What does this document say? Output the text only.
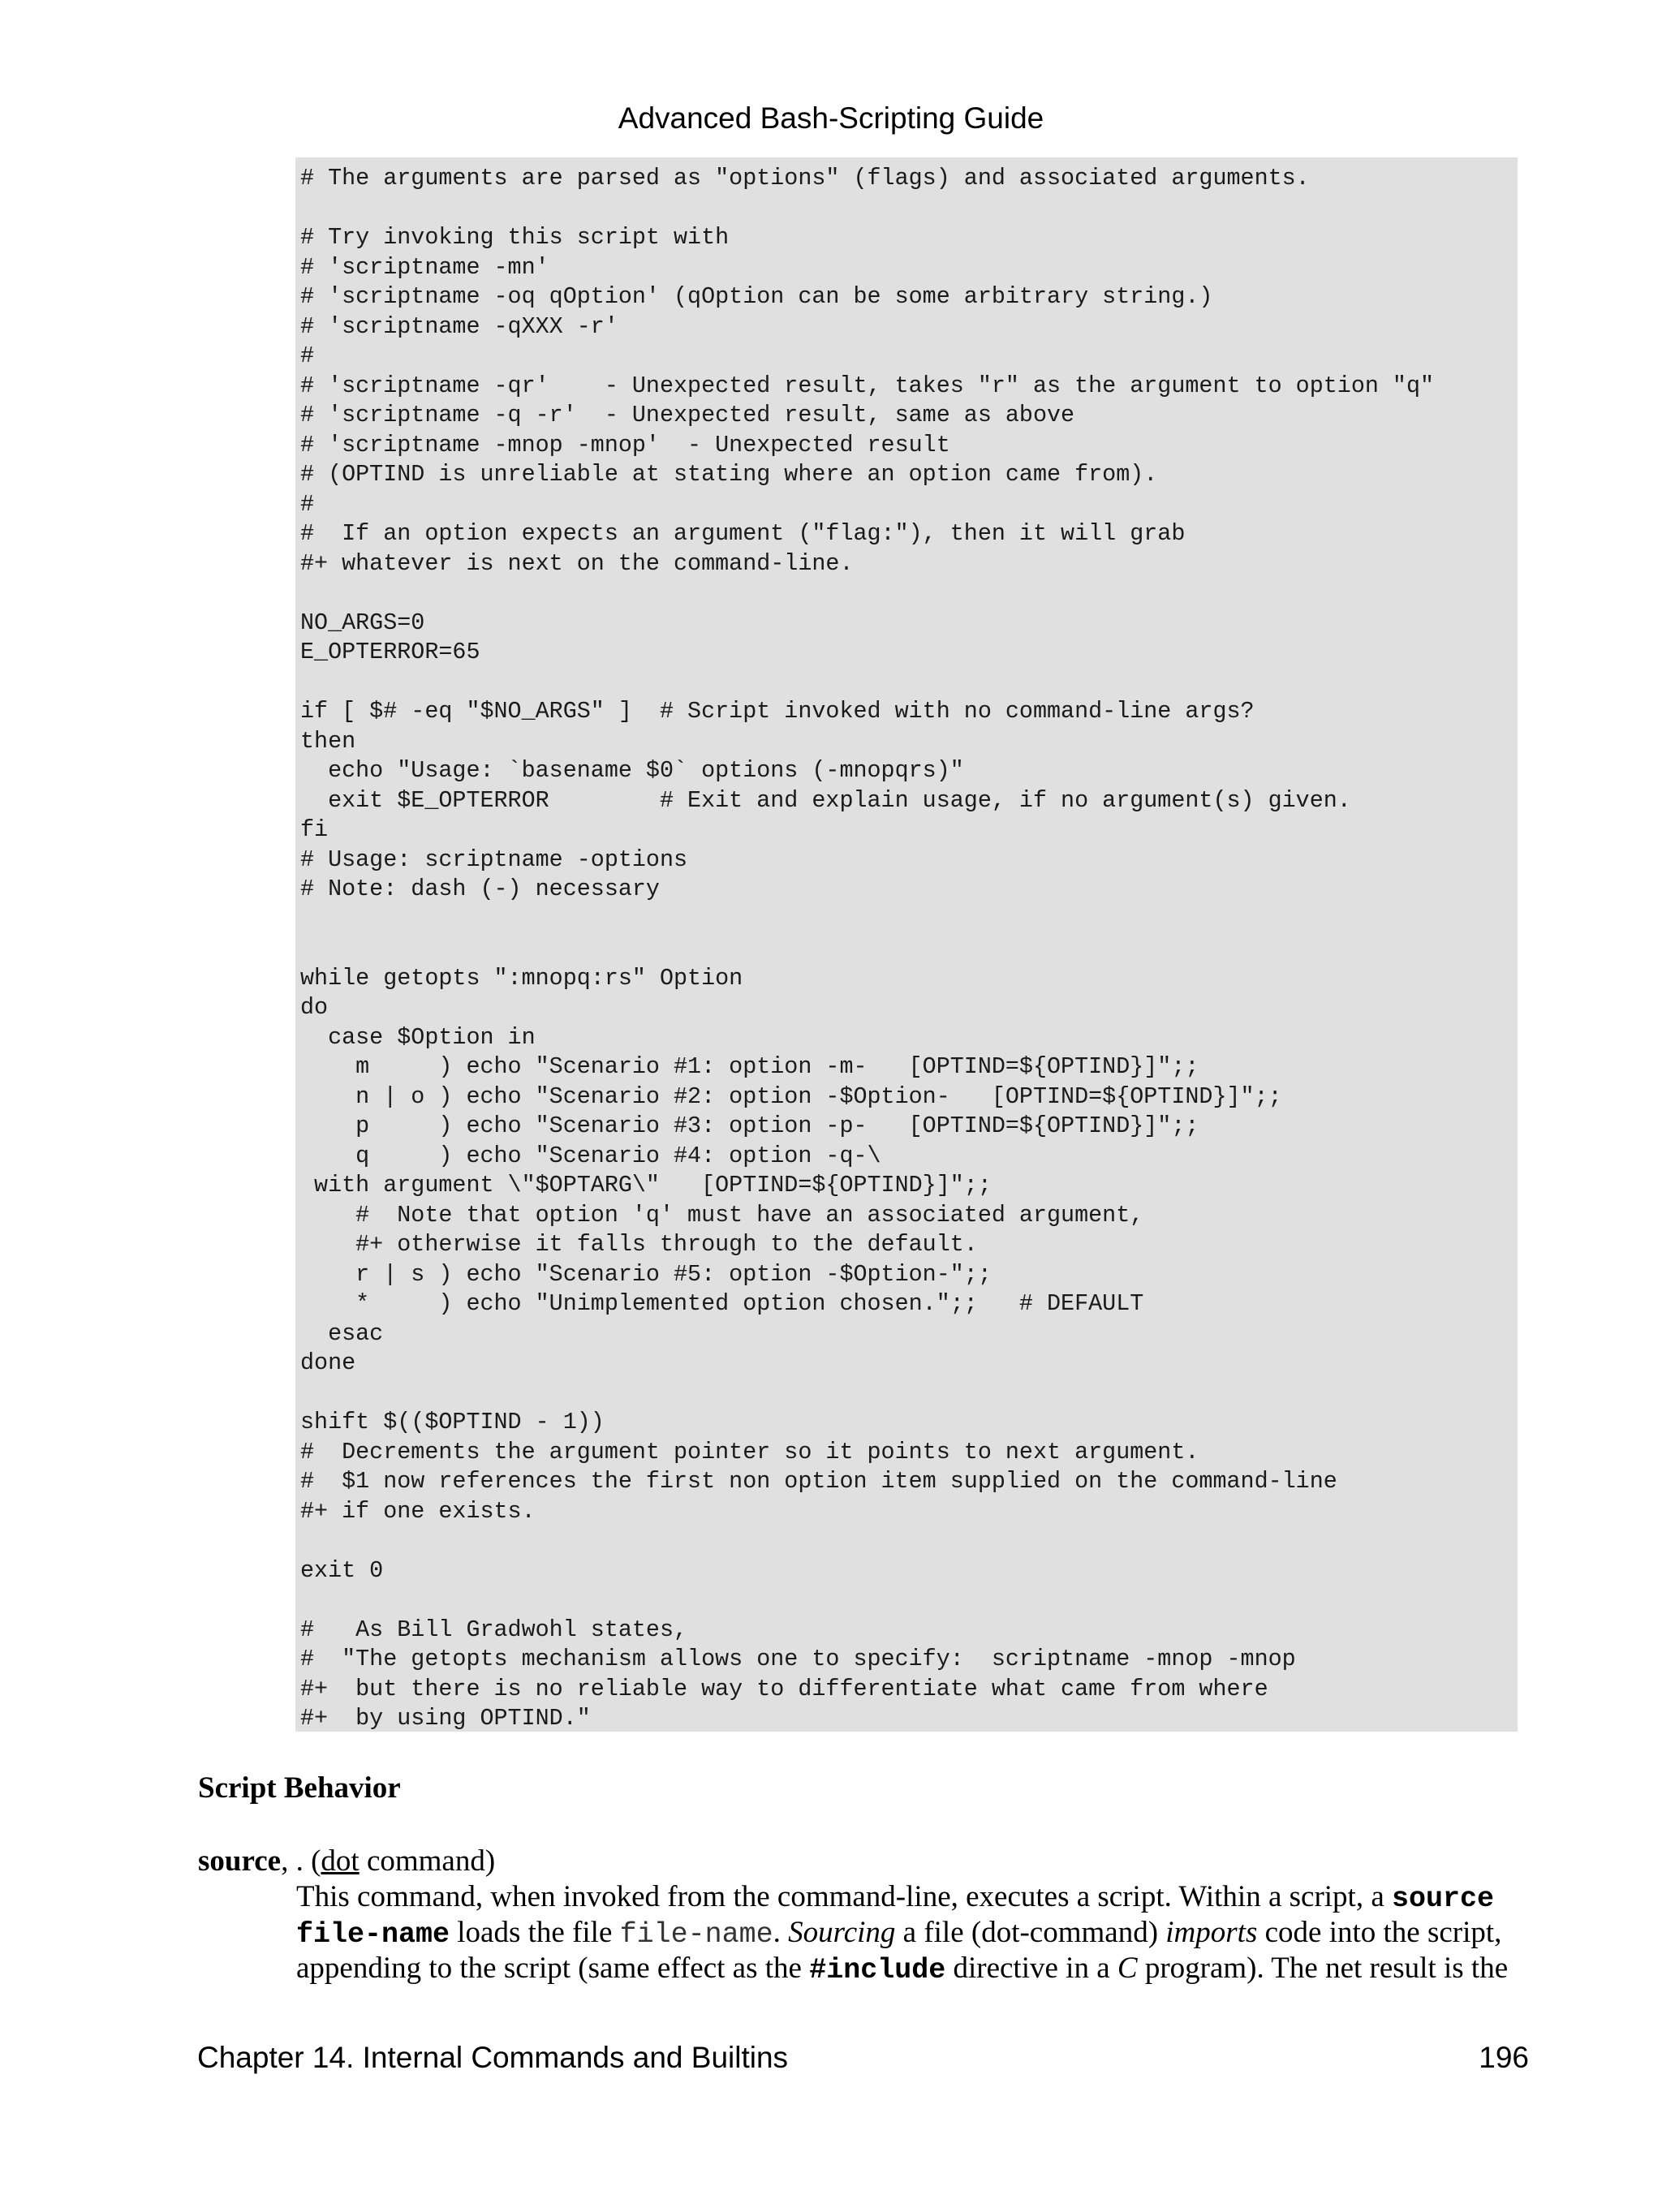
Advanced Bash-Scripting Guide
# The arguments are parsed as "options" (flags) and associated arguments.

# Try invoking this script with
# 'scriptname -mn'
# 'scriptname -oq qOption' (qOption can be some arbitrary string.)
# 'scriptname -qXXX -r'
#
# 'scriptname -qr'    - Unexpected result, takes "r" as the argument to option "q"
# 'scriptname -q -r'  - Unexpected result, same as above
# 'scriptname -mnop -mnop'  - Unexpected result
# (OPTIND is unreliable at stating where an option came from).
#
#  If an option expects an argument ("flag:"), then it will grab
#+ whatever is next on the command-line.

NO_ARGS=0
E_OPTERROR=65

if [ $# -eq "$NO_ARGS" ]  # Script invoked with no command-line args?
then
echo "Usage: `basename $0` options (-mnopqrs)"
exit $E_OPTERROR        # Exit and explain usage, if no argument(s) given.
fi
# Usage: scriptname -options
# Note: dash (-) necessary

while getopts ":mnopq:rs" Option
do
case $Option in
m     ) echo "Scenario #1: option -m-   [OPTIND=${OPTIND}]";;
n | o ) echo "Scenario #2: option -$Option-   [OPTIND=${OPTIND}]";;
p     ) echo "Scenario #3: option -p-   [OPTIND=${OPTIND}]";;
q     ) echo "Scenario #4: option -q-\
with argument \"$OPTARG\"   [OPTIND=${OPTIND}]";;
#  Note that option 'q' must have an associated argument,
#+ otherwise it falls through to the default.
r | s ) echo "Scenario #5: option -$Option-";;
*     ) echo "Unimplemented option chosen.";;   # DEFAULT
esac
done

shift $(($OPTIND - 1))
#  Decrements the argument pointer so it points to next argument.
#  $1 now references the first non option item supplied on the command-line
#+ if one exists.

exit 0

#   As Bill Gradwohl states,
#  "The getopts mechanism allows one to specify:  scriptname -mnop -mnop
#+  but there is no reliable way to differentiate what came from where
#+  by using OPTIND."
Script Behavior
source, . (dot command)
This command, when invoked from the command-line, executes a script. Within a script, a source
file-name loads the file file-name. Sourcing a file (dot-command) imports code into the script,
appending to the script (same effect as the #include directive in a C program). The net result is the
Chapter 14. Internal Commands and Builtins	196
